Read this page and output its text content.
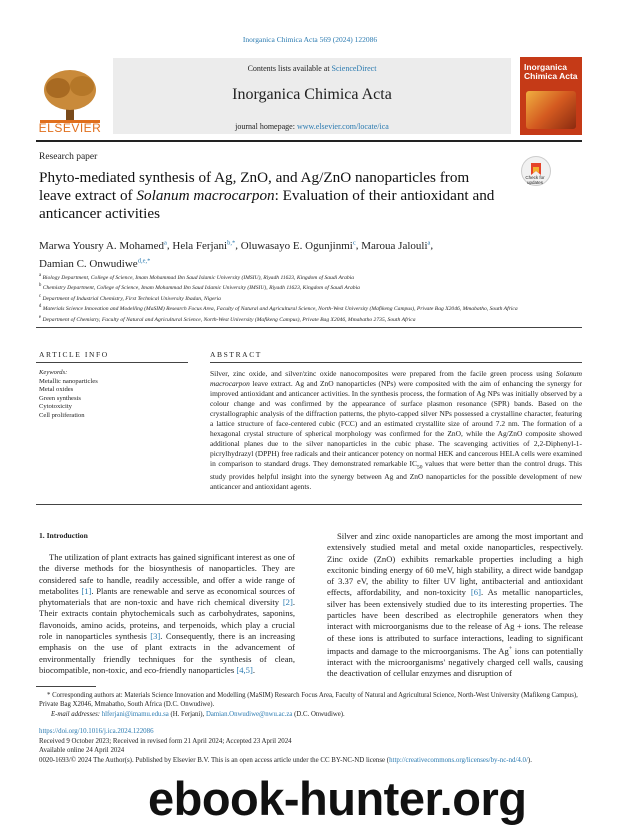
Inorganica Chimica Acta 569 (2024) 122086
ELSEVIER
Contents lists available at ScienceDirect
Inorganica Chimica Acta
journal homepage: www.elsevier.com/locate/ica
Inorganica
Chimica Acta
Research paper
Phyto-mediated synthesis of Ag, ZnO, and Ag/ZnO nanoparticles from leave extract of Solanum macrocarpon: Evaluation of their antioxidant and anticancer activities
Check for updates
Marwa Yousry A. Mohamed$^a$, Hela Ferjani$^{b,*}$, Oluwasayo E. Ogunjinmi$^c$, Maroua Jalouli$^a$,
Damian C. Onwudiwe$^{d,e,*}$
$^a$ Biology Department, College of Science, Imam Mohammad Ibn Saud Islamic University (IMSIU), Riyadh 11623, Kingdom of Saudi Arabia
$^b$ Chemistry Department, College of Science, Imam Mohammad Ibn Saud Islamic University (IMSIU), Riyadh 11623, Kingdom of Saudi Arabia
$^c$ Department of Industrial Chemistry, First Technical University Ibadan, Nigeria
$^d$ Materials Science Innovation and Modelling (MaSIM) Research Focus Area, Faculty of Natural and Agricultural Science, North-West University (Mafikeng Campus), Private Bag X2046, Mmabatho, South Africa
$^e$ Department of Chemistry, Faculty of Natural and Agricultural Science, North-West University (Mafikeng Campus), Private Bag X2046, Mmabatho 2735, South Africa
ARTICLE INFO	ABSTRACT
Keywords:
Metallic nanoparticles
Metal oxides
Green synthesis
Cytotoxicity
Cell proliferation
Silver, zinc oxide, and silver/zinc oxide nanocomposites were prepared from the facile green process using Solanum macrocarpon leave extract. Ag and ZnO nanoparticles (NPs) were composited with the aim of enhancing the synergy for improved antioxidant and anticancer activities. In the synthesis process, the formation of Ag NPs was initially observed by a colour change and was confirmed by the appearance of surface plasmon resonance (SPR) bands. Based on the crystallographic analysis of the diffraction patterns, the phyto-capped silver NPs possessed a crystalline character, featuring a lattice structure of face-centered cubic (FCC) and an estimated crystallite size of around 7.2 nm. The formation of a hexagonal crystal structure of spherical morphology was confirmed for the ZnO, while the Ag/ZnO composite showed additional planes due to the silver nanoparticles in the cubic phase. The scavenging activities of 2,2-Diphenyl-1-picrylhydrazyl (DPPH) free radicals and their anticancer potency on normal HEK and cancerous HELA cells were examined in comparison to standard drugs. They demonstrated remarkable $IC_{50}$ values that were better than the control drugs. This study provides helpful insight into the synergy between Ag and ZnO nanoparticles for the possible development of new anticancer and antioxidant agents.
1. Introduction
The utilization of plant extracts has gained significant interest as one of the diverse methods for the biosynthesis of nanoparticles. They are considered safe to handle, readily accessible, and offer a wide range of metabolites [1]. Plants are renewable and serve as economical sources of phytomaterials that are non-toxic and have rich chemical diversity [2]. Their extracts contain phytochemicals such as carbohydrates, saponins, flavonoids, amino acids, proteins, and terpenoids, which play a crucial role in nanoparticles synthesis [3]. Consequently, there is an increasing emphasis on the use of plant extracts in the advancement of environmentally friendly techniques for the synthesis of clean, biocompatible, non-toxic, and eco-friendly nanoparticles [4,5].
Silver and zinc oxide nanoparticles are among the most important and extensively studied metal and metal oxide nanoparticles, respectively. Zinc oxide (ZnO) exhibits remarkable properties including a high excitonic binding energy of 60 meV, high stability, a direct wide bandgap of 3.37 eV, the ability to filter UV light, antibacterial and antioxidant effects, affordability, and non-toxicity [6]. As metallic nanoparticles, silver has been extensively studied due to its interesting properties. The particles have been described as electrophile generators when they interact with microorganisms due to the release of Ag + ions. The release of these ions is attributed to surface interactions, leading to significant impacts and damage to the microorganisms. The Ag+ ions can potentially interact with the microorganisms' negatively charged cell walls, causing the deactivation of cellular enzymes and disruption of
* Corresponding authors at: Materials Science Innovation and Modelling (MaSIM) Research Focus Area, Faculty of Natural and Agricultural Science, North-West University (Mafikeng Campus), Private Bag X2046, Mmabatho, South Africa (D.C. Onwudiwe).
E-mail addresses: hlferjani@imamu.edu.sa (H. Ferjani), Damian.Onwudiwe@nwu.ac.za (D.C. Onwudiwe).
https://doi.org/10.1016/j.ica.2024.122086
Received 9 October 2023; Received in revised form 21 April 2024; Accepted 23 April 2024
Available online 24 April 2024
0020-1693/© 2024 The Author(s). Published by Elsevier B.V. This is an open access article under the CC BY-NC-ND license (http://creativecommons.org/licenses/by-nc-nd/4.0/).
ebook-hunter.org
